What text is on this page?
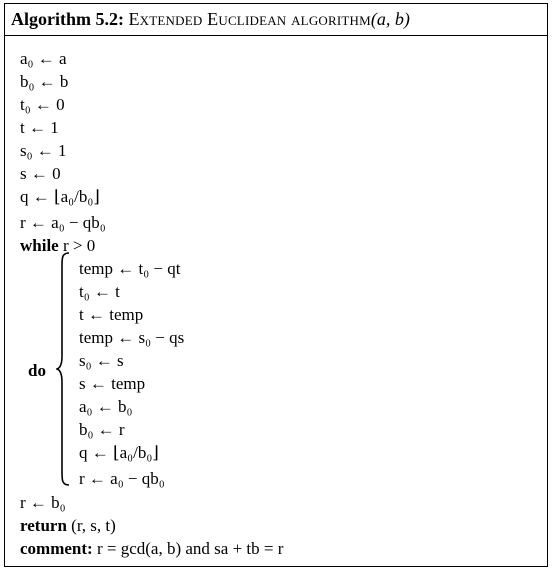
Algorithm 5.2: Extended Euclidean algorithm(a, b)
a₀ ← a
b₀ ← b
t₀ ← 0
t ← 1
s₀ ← 1
s ← 0
q ← ⌊a₀/b₀⌋
r ← a₀ − qb₀
while r > 0
do
temp ← t₀ − qt
t₀ ← t
t ← temp
temp ← s₀ − qs
s₀ ← s
s ← temp
a₀ ← b₀
b₀ ← r
q ← ⌊a₀/b₀⌋
r ← a₀ − qb₀
r ← b₀
return (r, s, t)
comment: r = gcd(a, b) and sa + tb = r
